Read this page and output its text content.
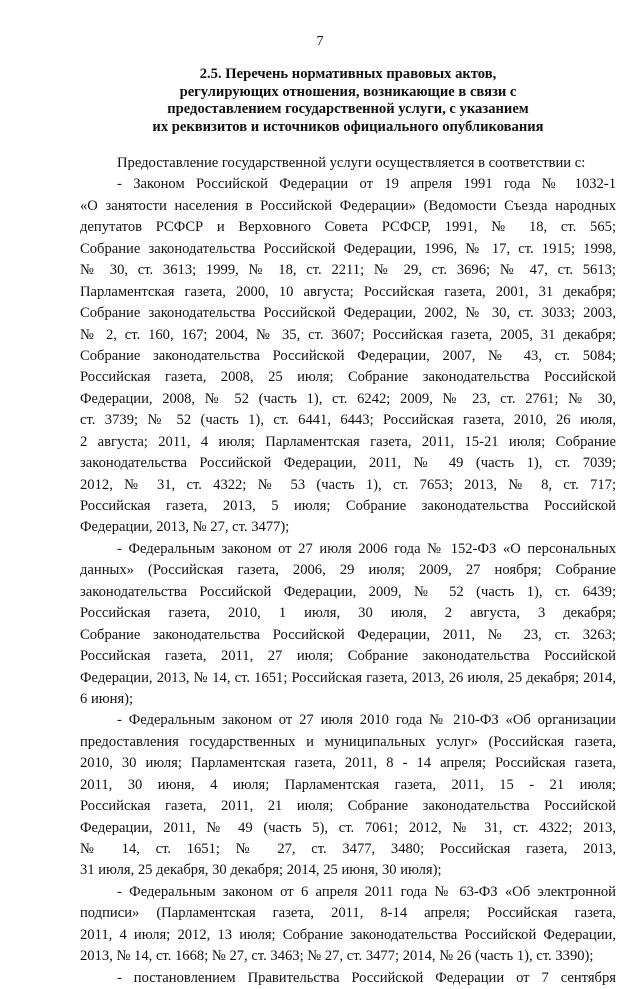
7
2.5. Перечень нормативных правовых актов,
регулирующих отношения, возникающие в связи с
предоставлением государственной услуги, с указанием
их реквизитов и источников официального опубликования
Предоставление государственной услуги осуществляется в соответствии с:
- Законом Российской Федерации от 19 апреля 1991 года № 1032-1
«О занятости населения в Российской Федерации» (Ведомости Съезда народных
депутатов РСФСР и Верховного Совета РСФСР, 1991, № 18, ст. 565;
Собрание законодательства Российской Федерации, 1996, № 17, ст. 1915; 1998,
№ 30, ст. 3613; 1999, № 18, ст. 2211; № 29, ст. 3696; № 47, ст. 5613;
Парламентская газета, 2000, 10 августа; Российская газета, 2001, 31 декабря;
Собрание законодательства Российской Федерации, 2002, № 30, ст. 3033; 2003,
№ 2, ст. 160, 167; 2004, № 35, ст. 3607; Российская газета, 2005, 31 декабря;
Собрание законодательства Российской Федерации, 2007, № 43, ст. 5084;
Российская газета, 2008, 25 июля; Собрание законодательства Российской
Федерации, 2008, № 52 (часть 1), ст. 6242; 2009, № 23, ст. 2761; № 30,
ст. 3739; № 52 (часть 1), ст. 6441, 6443; Российская газета, 2010, 26 июля,
2 августа; 2011, 4 июля; Парламентская газета, 2011, 15-21 июля; Собрание
законодательства Российской Федерации, 2011, № 49 (часть 1), ст. 7039;
2012, № 31, ст. 4322; № 53 (часть 1), ст. 7653; 2013, № 8, ст. 717;
Российская газета, 2013, 5 июля; Собрание законодательства Российской
Федерации, 2013, № 27, ст. 3477);
- Федеральным законом от 27 июля 2006 года № 152-ФЗ «О персональных
данных» (Российская газета, 2006, 29 июля; 2009, 27 ноября; Собрание
законодательства Российской Федерации, 2009, № 52 (часть 1), ст. 6439;
Российская газета, 2010, 1 июля, 30 июля, 2 августа, 3 декабря;
Собрание законодательства Российской Федерации, 2011, № 23, ст. 3263;
Российская газета, 2011, 27 июля; Собрание законодательства Российской
Федерации, 2013, № 14, ст. 1651; Российская газета, 2013, 26 июля, 25 декабря; 2014,
6 июня);
- Федеральным законом от 27 июля 2010 года № 210-ФЗ «Об организации
предоставления государственных и муниципальных услуг» (Российская газета,
2010, 30 июля; Парламентская газета, 2011, 8 - 14 апреля; Российская газета,
2011, 30 июня, 4 июля; Парламентская газета, 2011, 15 - 21 июля;
Российская газета, 2011, 21 июля; Собрание законодательства Российской
Федерации, 2011, № 49 (часть 5), ст. 7061; 2012, № 31, ст. 4322; 2013,
№ 14, ст. 1651; № 27, ст. 3477, 3480; Российская газета, 2013,
31 июля, 25 декабря, 30 декабря; 2014, 25 июня, 30 июля);
- Федеральным законом от 6 апреля 2011 года № 63-ФЗ «Об электронной
подписи» (Парламентская газета, 2011, 8-14 апреля; Российская газета,
2011, 4 июля; 2012, 13 июля; Собрание законодательства Российской Федерации,
2013, № 14, ст. 1668; № 27, ст. 3463; № 27, ст. 3477; 2014, № 26 (часть 1), ст. 3390);
- постановлением Правительства Российской Федерации от 7 сентября
